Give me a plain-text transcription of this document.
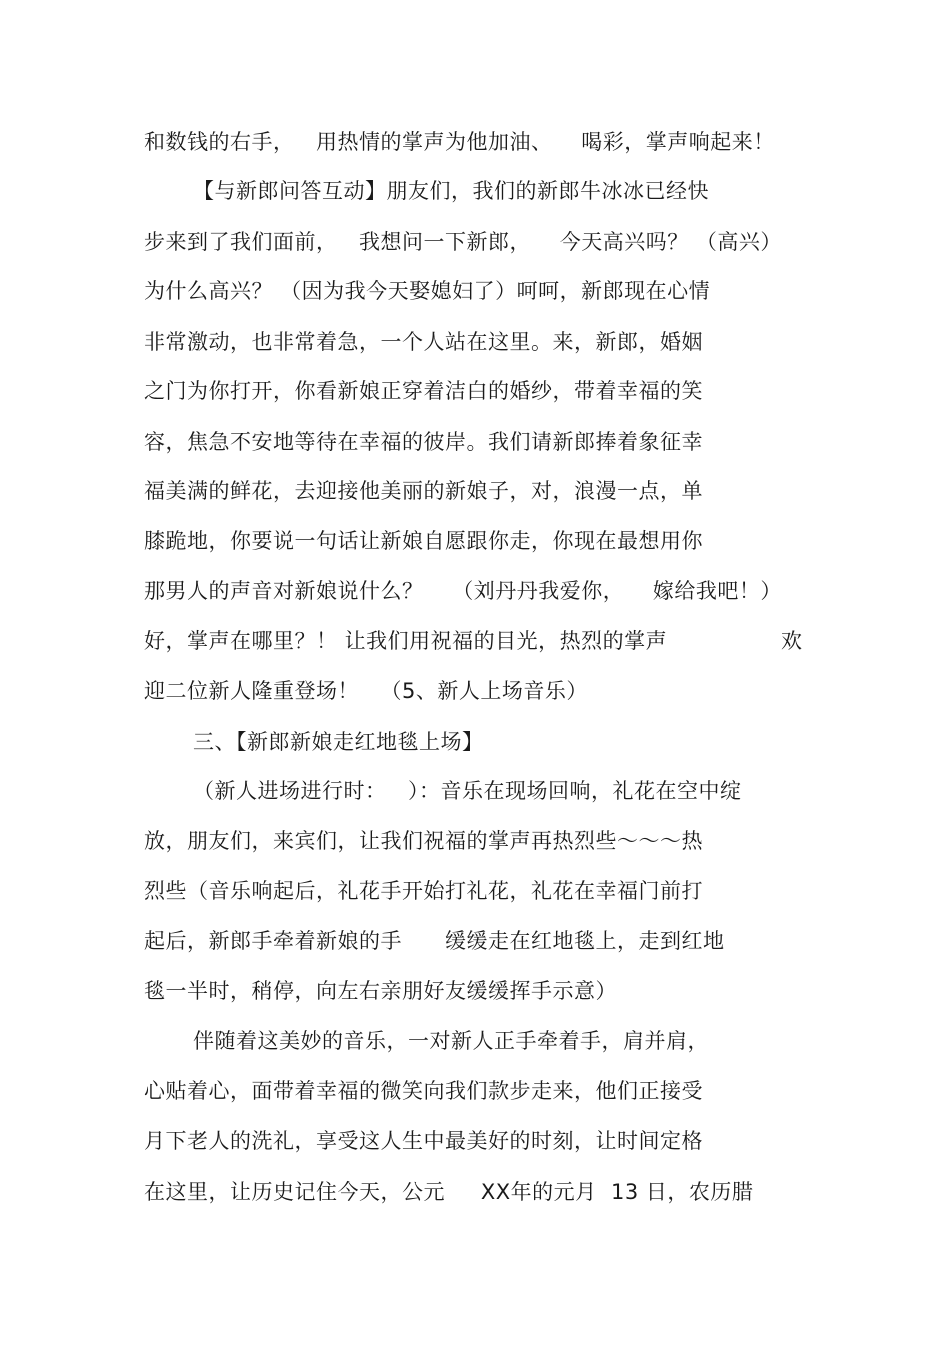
和数钱的右手，   用热情的掌声为他加油、    喝彩，掌声响起来！
【与新郎问答互动】朋友们，我们的新郎牛冰冰已经快
步来到了我们面前，   我想问一下新郎，    今天高兴吗？ （高兴）
为什么高兴？ （因为我今天娶媳妇了）呵呵，新郎现在心情
非常激动，也非常着急，一个人站在这里。来，新郎，婚姻
之门为你打开，你看新娘正穿着洁白的婚纱，带着幸福的笑
容，焦急不安地等待在幸福的彼岸。我们请新郎捧着象征幸
福美满的鲜花，去迎接他美丽的新娘子，对，浪漫一点，单
膝跪地，你要说一句话让新娘自愿跟你走，你现在最想用你
那男人的声音对新娘说什么？    （刘丹丹我爱你，    嫁给我吧！）
好，掌声在哪里？！ 让我们用祝福的目光，热烈的掌声	欢
迎二位新人隆重登场！   （5、新人上场音乐）
三、【新郎新娘走红地毯上场】
（新人进场进行时：   ）：音乐在现场回响，礼花在空中绽
放，朋友们，来宾们，让我们祝福的掌声再热烈些～～～热
烈些（音乐响起后，礼花手开始打礼花，礼花在幸福门前打
起后，新郎手牵着新娘的手      缓缓走在红地毯上，走到红地
毯一半时，稍停，向左右亲朋好友缓缓挥手示意）
伴随着这美妙的音乐，一对新人正手牵着手，肩并肩，
心贴着心，面带着幸福的微笑向我们款步走来，他们正接受
月下老人的洗礼，享受这人生中最美好的时刻，让时间定格
在这里，让历史记住今天，公元     XX年的元月  13 日，农历腊
